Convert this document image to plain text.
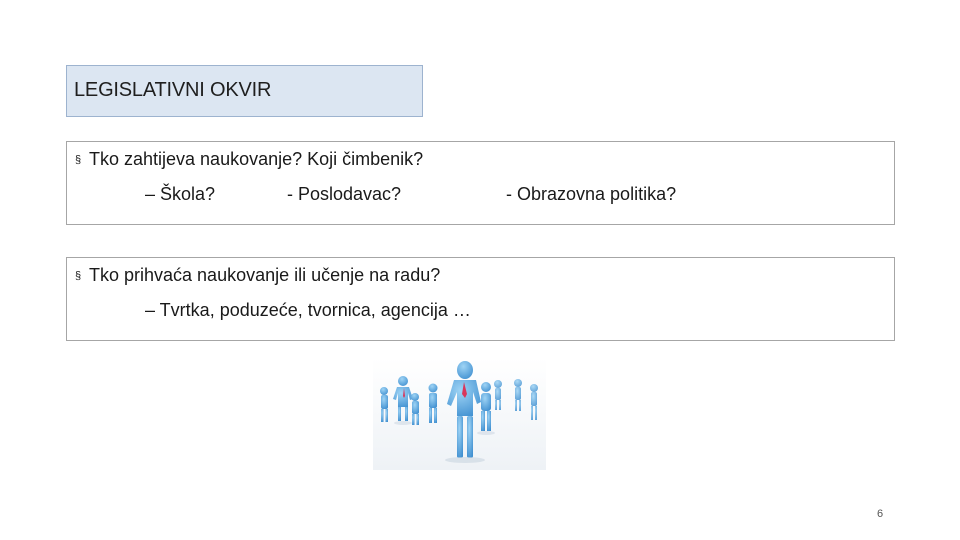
LEGISLATIVNI OKVIR
§ Tko zahtijeva naukovanje? Koji čimbenik?
– Škola?	- Poslodavac?	- Obrazovna politika?
§ Tko prihvaća naukovanje ili učenje na radu?
– Tvrtka, poduzeće, tvornica, agencija …
6
